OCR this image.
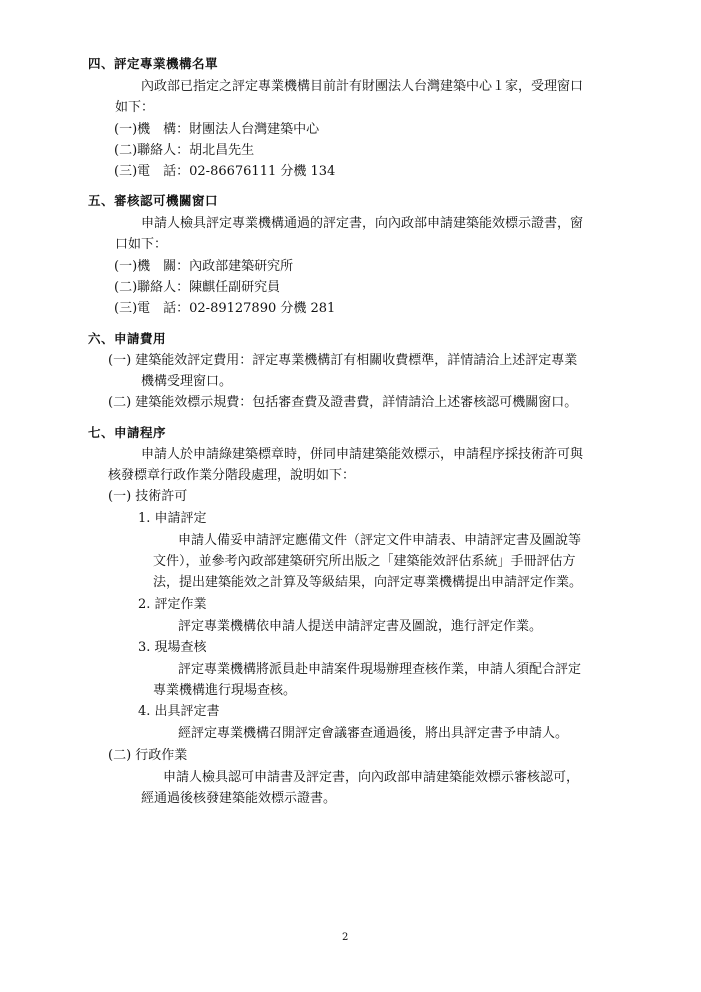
四、評定專業機構名單

內政部已指定之評定專業機構目前計有財團法人台灣建築中心１家，受理窗口

如下：

(一)機　構：財團法人台灣建築中心

(二)聯絡人：胡北昌先生

(三)電　話：02-86676111 分機 134

五、審核認可機關窗口

申請人檢具評定專業機構通過的評定書，向內政部申請建築能效標示證書，窗

口如下：

(一)機　關：內政部建築研究所

(二)聯絡人：陳麒任副研究員

(三)電　話：02-89127890 分機 281

六、申請費用

(一) 建築能效評定費用：評定專業機構訂有相關收費標準，詳情請洽上述評定專業

機構受理窗口。

(二) 建築能效標示規費：包括審查費及證書費，詳情請洽上述審核認可機關窗口。

七、申請程序

申請人於申請綠建築標章時，併同申請建築能效標示，申請程序採技術許可與

核發標章行政作業分階段處理，說明如下：

(一) 技術許可

1. 申請評定

申請人備妥申請評定應備文件（評定文件申請表、申請評定書及圖說等

文件），並參考內政部建築研究所出版之「建築能效評估系統」手冊評估方

法，提出建築能效之計算及等級結果，向評定專業機構提出申請評定作業。

2. 評定作業

評定專業機構依申請人提送申請評定書及圖說，進行評定作業。

3. 現場查核

評定專業機構將派員赴申請案件現場辦理查核作業，申請人須配合評定

專業機構進行現場查核。

4. 出具評定書

經評定專業機構召開評定會議審查通過後，將出具評定書予申請人。

(二) 行政作業

申請人檢具認可申請書及評定書，向內政部申請建築能效標示審核認可，

經通過後核發建築能效標示證書。

2
